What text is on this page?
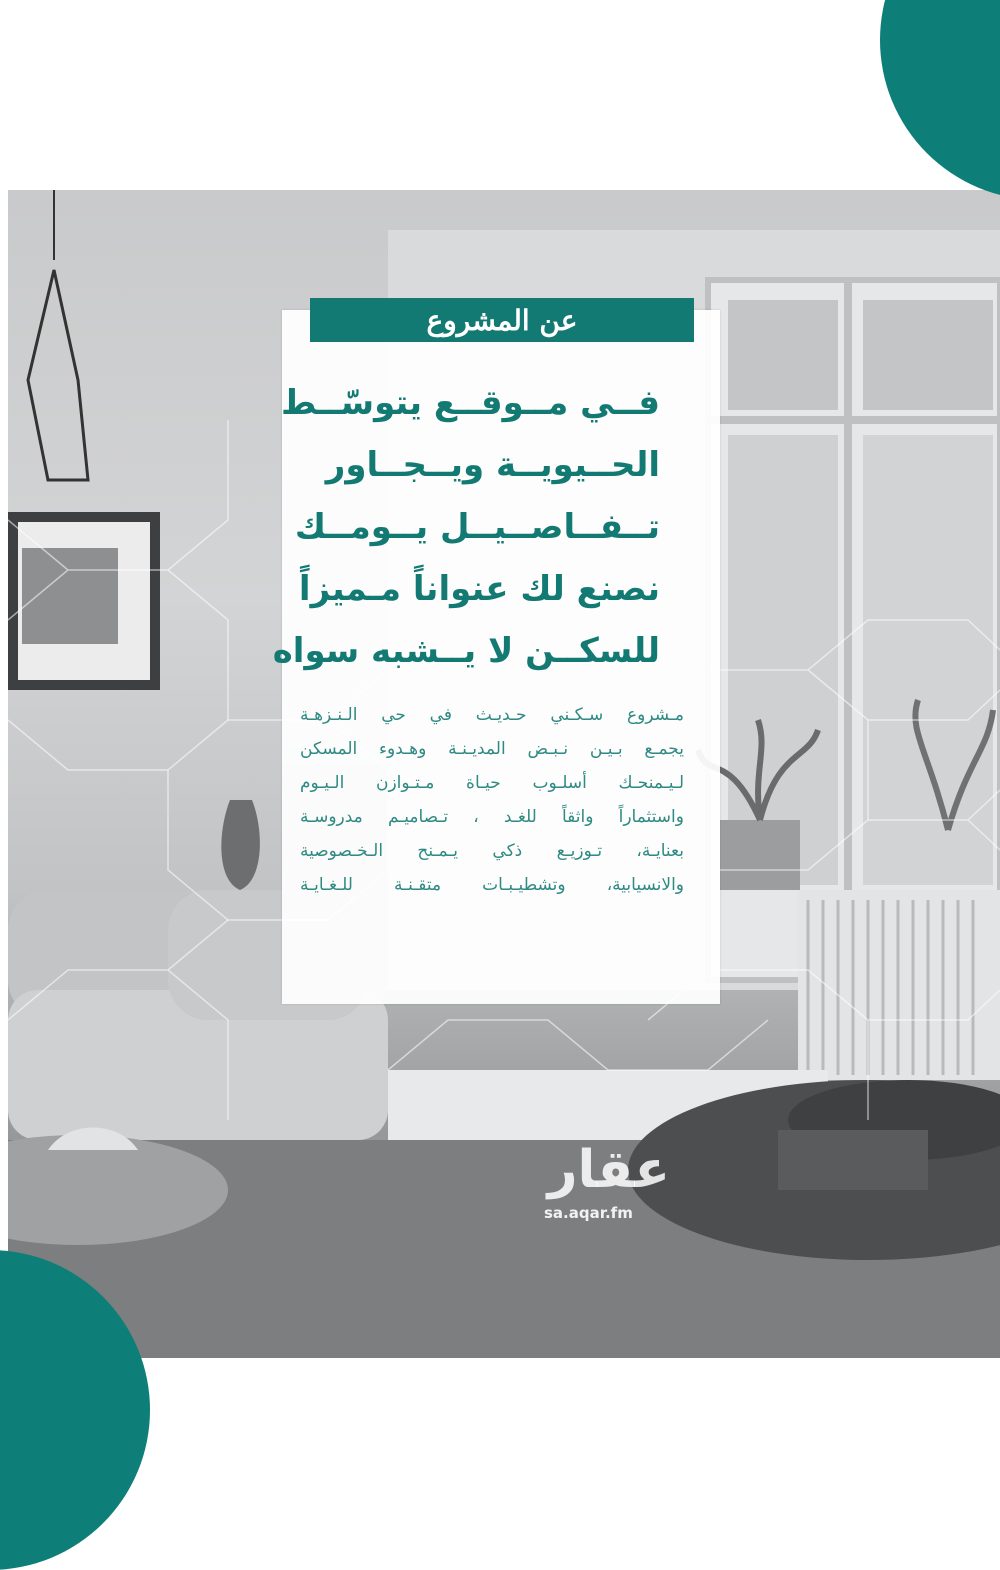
عن المشروع
فــي مــوقــع يتوسّــط
الحــيويــة ويــجــاور
تــفــاصــيــل يــومــك
نصنع لك عنواناً مـميزاً
للسكــن لا يــشبه سواه
مـشروع سـكـني حـديـث في حي الـنـزهـة
يجمـع بـيـن نـبـض المديـنـة وهـدوء المسكن
لـيـمنحـك أسلـوب حيـاة مـتـوازن الـيـوم
واستثماراً واثقاً للغـد ، تـصاميـم مدروسـة
بعنايـة، تـوزيـع ذكي يـمـنح الـخـصوصية
والانسيابية، وتشطيـبـات متقـنـة للـغـايـة
عقار
sa.aqar.fm
